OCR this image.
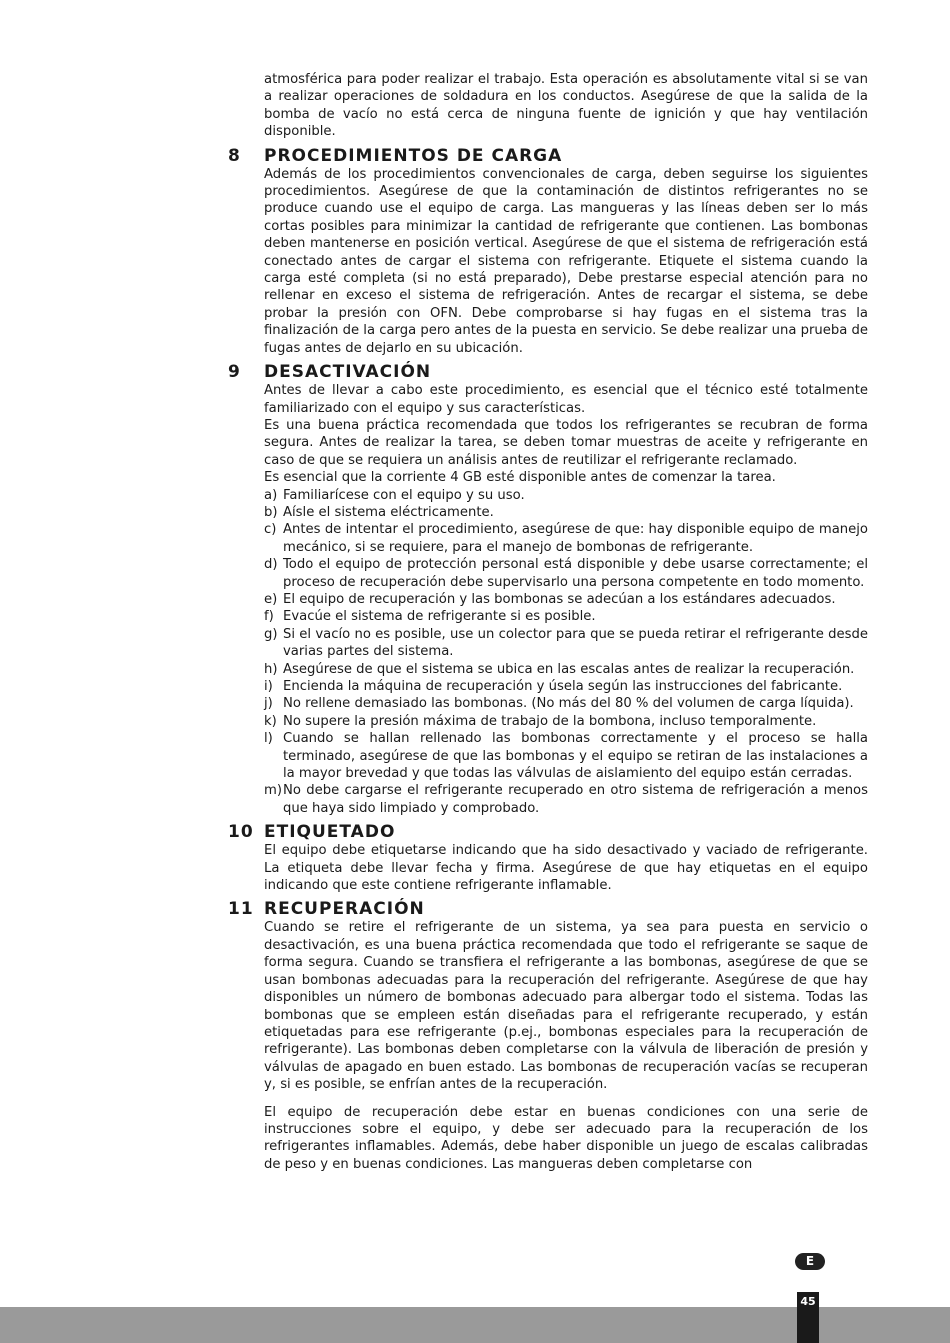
atmosférica para poder realizar el trabajo. Esta operación es absolutamente vital si se van a realizar operaciones de soldadura en los conductos. Asegúrese de que la salida de la bomba de vacío no está cerca de ninguna fuente de ignición y que hay ventilación disponible.

8 PROCEDIMIENTOS DE CARGA

Además de los procedimientos convencionales de carga, deben seguirse los siguientes procedimientos. Asegúrese de que la contaminación de distintos refrigerantes no se produce cuando use el equipo de carga. Las mangueras y las líneas deben ser lo más cortas posibles para minimizar la cantidad de refrigerante que contienen. Las bombonas deben mantenerse en posición vertical. Asegúrese de que el sistema de refrigeración está conectado antes de cargar el sistema con refrigerante. Etiquete el sistema cuando la carga esté completa (si no está preparado), Debe prestarse especial atención para no rellenar en exceso el sistema de refrigeración. Antes de recargar el sistema, se debe probar la presión con OFN. Debe comprobarse si hay fugas en el sistema tras la finalización de la carga pero antes de la puesta en servicio. Se debe realizar una prueba de fugas antes de dejarlo en su ubicación.

9 DESACTIVACIÓN

Antes de llevar a cabo este procedimiento, es esencial que el técnico esté totalmente familiarizado con el equipo y sus características.

Es una buena práctica recomendada que todos los refrigerantes se recubran de forma segura. Antes de realizar la tarea, se deben tomar muestras de aceite y refrigerante en caso de que se requiera un análisis antes de reutilizar el refrigerante reclamado.

Es esencial que la corriente 4 GB esté disponible antes de comenzar la tarea.

a) Familiarícese con el equipo y su uso.
b) Aísle el sistema eléctricamente.
c) Antes de intentar el procedimiento, asegúrese de que: hay disponible equipo de manejo mecánico, si se requiere, para el manejo de bombonas de refrigerante.
d) Todo el equipo de protección personal está disponible y debe usarse correctamente; el proceso de recuperación debe supervisarlo una persona competente en todo momento.
e) El equipo de recuperación y las bombonas se adecúan a los estándares adecuados.
f) Evacúe el sistema de refrigerante si es posible.
g) Si el vacío no es posible, use un colector para que se pueda retirar el refrigerante desde varias partes del sistema.
h) Asegúrese de que el sistema se ubica en las escalas antes de realizar la recuperación.
i) Encienda la máquina de recuperación y úsela según las instrucciones del fabricante.
j) No rellene demasiado las bombonas. (No más del 80 % del volumen de carga líquida).
k) No supere la presión máxima de trabajo de la bombona, incluso temporalmente.
l) Cuando se hallan rellenado las bombonas correctamente y el proceso se halla terminado, asegúrese de que las bombonas y el equipo se retiran de las instalaciones a la mayor brevedad y que todas las válvulas de aislamiento del equipo están cerradas.
m) No debe cargarse el refrigerante recuperado en otro sistema de refrigeración a menos que haya sido limpiado y comprobado.
10 ETIQUETADO

El equipo debe etiquetarse indicando que ha sido desactivado y vaciado de refrigerante. La etiqueta debe llevar fecha y firma. Asegúrese de que hay etiquetas en el equipo indicando que este contiene refrigerante inflamable.

11 RECUPERACIÓN

Cuando se retire el refrigerante de un sistema, ya sea para puesta en servicio o desactivación, es una buena práctica recomendada que todo el refrigerante se saque de forma segura. Cuando se transfiera el refrigerante a las bombonas, asegúrese de que se usan bombonas adecuadas para la recuperación del refrigerante. Asegúrese de que hay disponibles un número de bombonas adecuado para albergar todo el sistema. Todas las bombonas que se empleen están diseñadas para el refrigerante recuperado, y están etiquetadas para ese refrigerante (p.ej., bombonas especiales para la recuperación de refrigerante). Las bombonas deben completarse con la válvula de liberación de presión y válvulas de apagado en buen estado. Las bombonas de recuperación vacías se recuperan y, si es posible, se enfrían antes de la recuperación.

El equipo de recuperación debe estar en buenas condiciones con una serie de instrucciones sobre el equipo, y debe ser adecuado para la recuperación de los refrigerantes inflamables. Además, debe haber disponible un juego de escalas calibradas de peso y en buenas condiciones. Las mangueras deben completarse con

E
45
